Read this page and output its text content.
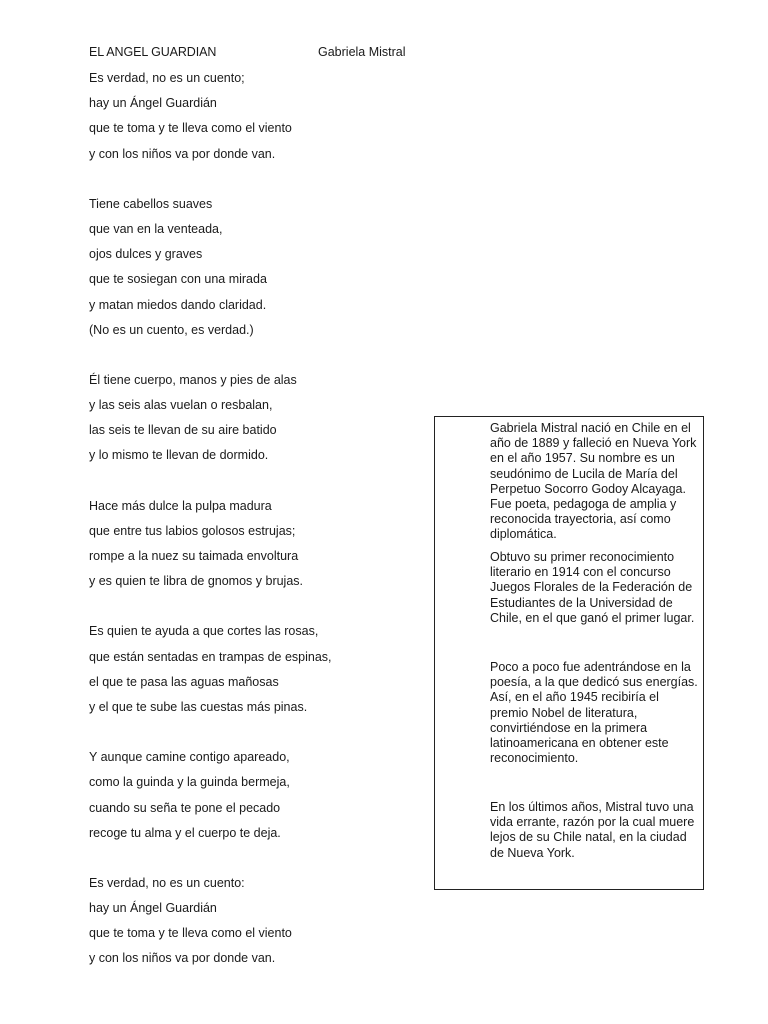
EL ANGEL GUARDIAN	Gabriela Mistral
Es verdad, no es un cuento;
hay un Ángel Guardián
que te toma y te lleva como el viento
y con los niños va por donde van.
Tiene cabellos suaves
que van en la venteada,
ojos dulces y graves
que te sosiegan con una mirada
y matan miedos dando claridad.
(No es un cuento, es verdad.)
Él tiene cuerpo, manos y pies de alas
y las seis alas vuelan o resbalan,
las seis te llevan de su aire batido
y lo mismo te llevan de dormido.
Hace más dulce la pulpa madura
que entre tus labios golosos estrujas;
rompe a la nuez su taimada envoltura
y es quien te libra de gnomos y brujas.
Es quien te ayuda a que cortes las rosas,
que están sentadas en trampas de espinas,
el que te pasa las aguas mañosas
y el que te sube las cuestas más pinas.
Y aunque camine contigo apareado,
como la guinda y la guinda bermeja,
cuando su seña te pone el pecado
recoge tu alma y el cuerpo te deja.
Es verdad, no es un cuento:
hay un Ángel Guardián
que te toma y te lleva como el viento
y con los niños va por donde van.
Gabriela Mistral nació en Chile en el año de 1889 y falleció en Nueva York en el año 1957. Su nombre es un seudónimo de Lucila de María del Perpetuo Socorro Godoy Alcayaga. Fue poeta, pedagoga de amplia y reconocida trayectoria, así como diplomática.
Obtuvo su primer reconocimiento literario en 1914 con el concurso Juegos Florales de la Federación de Estudiantes de la Universidad de Chile, en el que ganó el primer lugar.
Poco a poco fue adentrándose en la poesía, a la que dedicó sus energías. Así, en el año 1945 recibiría el premio Nobel de literatura, convirtiéndose en la primera latinoamericana en obtener este reconocimiento.
En los últimos años, Mistral tuvo una vida errante, razón por la cual muere lejos de su Chile natal, en la ciudad de Nueva York.
